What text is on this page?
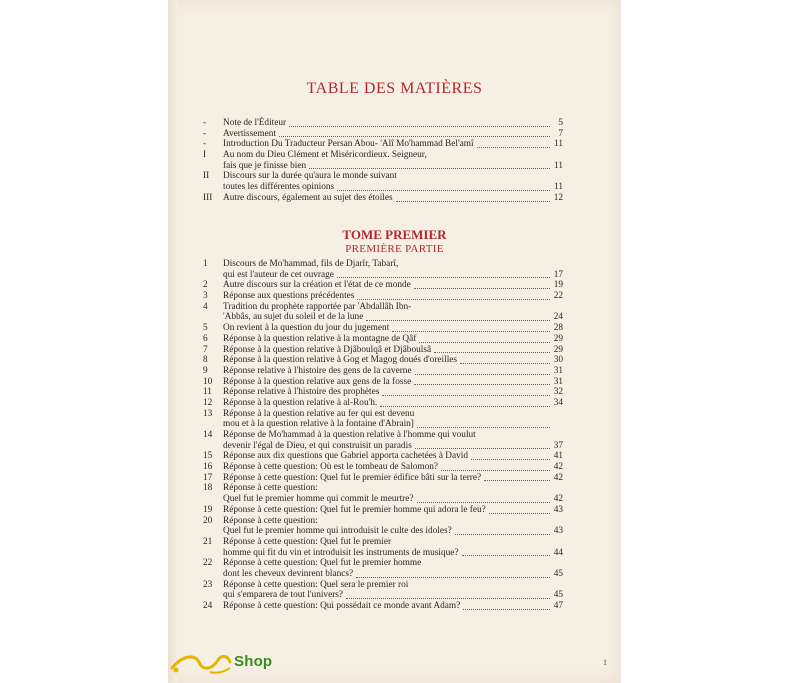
TABLE DES MATIÈRES
-	Note de l'Éditeur	5
-	Avertissement	7
-	Introduction Du Traducteur Persan Abou- 'Alî Mo'hammad Bel'amî	11
I	Au nom du Dieu Clément et Miséricordieux. Seigneur,
fais que je finisse bien	11
II	Discours sur la durée qu'aura le monde suivant
toutes les différentes opinions	11
III	Autre discours, également au sujet des étoiles	12
TOME PREMIER
PREMIÈRE PARTIE
1	Discours de Mo'hammad, fils de Djarîr, Tabarî,
qui est l'auteur de cet ouvrage	17
2	Autre discours sur la création et l'état de ce monde	19
3	Réponse aux questions précédentes	22
4	Tradition du prophète rapportée par 'Abdallâh Ibn-
'Abbâs, au sujet du soleil et de la lune	24
5	On revient à la question du jour du jugement	28
6	Réponse à la question relative à la montagne de Qâf	29
7	Réponse à la question relative à Djâboulqâ et Djâboulsâ	29
8	Réponse à la question relative à Gog et Magog doués d'oreilles	30
9	Réponse relative à l'histoire des gens de la caverne	31
10	Réponse à la question relative aux gens de la fosse	31
11	Réponse relative à l'histoire des prophètes	32
12	Réponse à la question relative à al-Rou'h.	34
13	Réponse à la question relative au fer qui est devenu
mou et à la question relative à la fontaine d'Abrain]
14	Réponse de Mo'hammad à la question relative à l'homme qui voulut
devenir l'égal de Dieu, et qui construisit un paradis	37
15	Réponse aux dix questions que Gabriel apporta cachetées à David	41
16	Réponse à cette question: Où est le tombeau de Salomon?	42
17	Réponse à cette question: Quel fut le premier édifice bâti sur la terre?	42
18	Réponse à cette question:
Quel fut le premier homme qui commit le meurtre?	42
19	Réponse à cette question: Quel fut le premier homme qui adora le feu?	43
20	Réponse à cette question:
Quel fut le premier homme qui introduisit le culte des idoles?	43
21	Réponse à cette question: Quel fut le premier
homme qui fit du vin et introduisit les instruments de musique?	44
22	Réponse à cette question: Quel fut le premier homme
dont les cheveux devinrent blancs?	45
23	Réponse à cette question: Quel sera le premier roi
qui s'emparera de tout l'univers?	45
24	Réponse à cette question: Qui possédait ce monde avant Adam?	47
1
Shop
